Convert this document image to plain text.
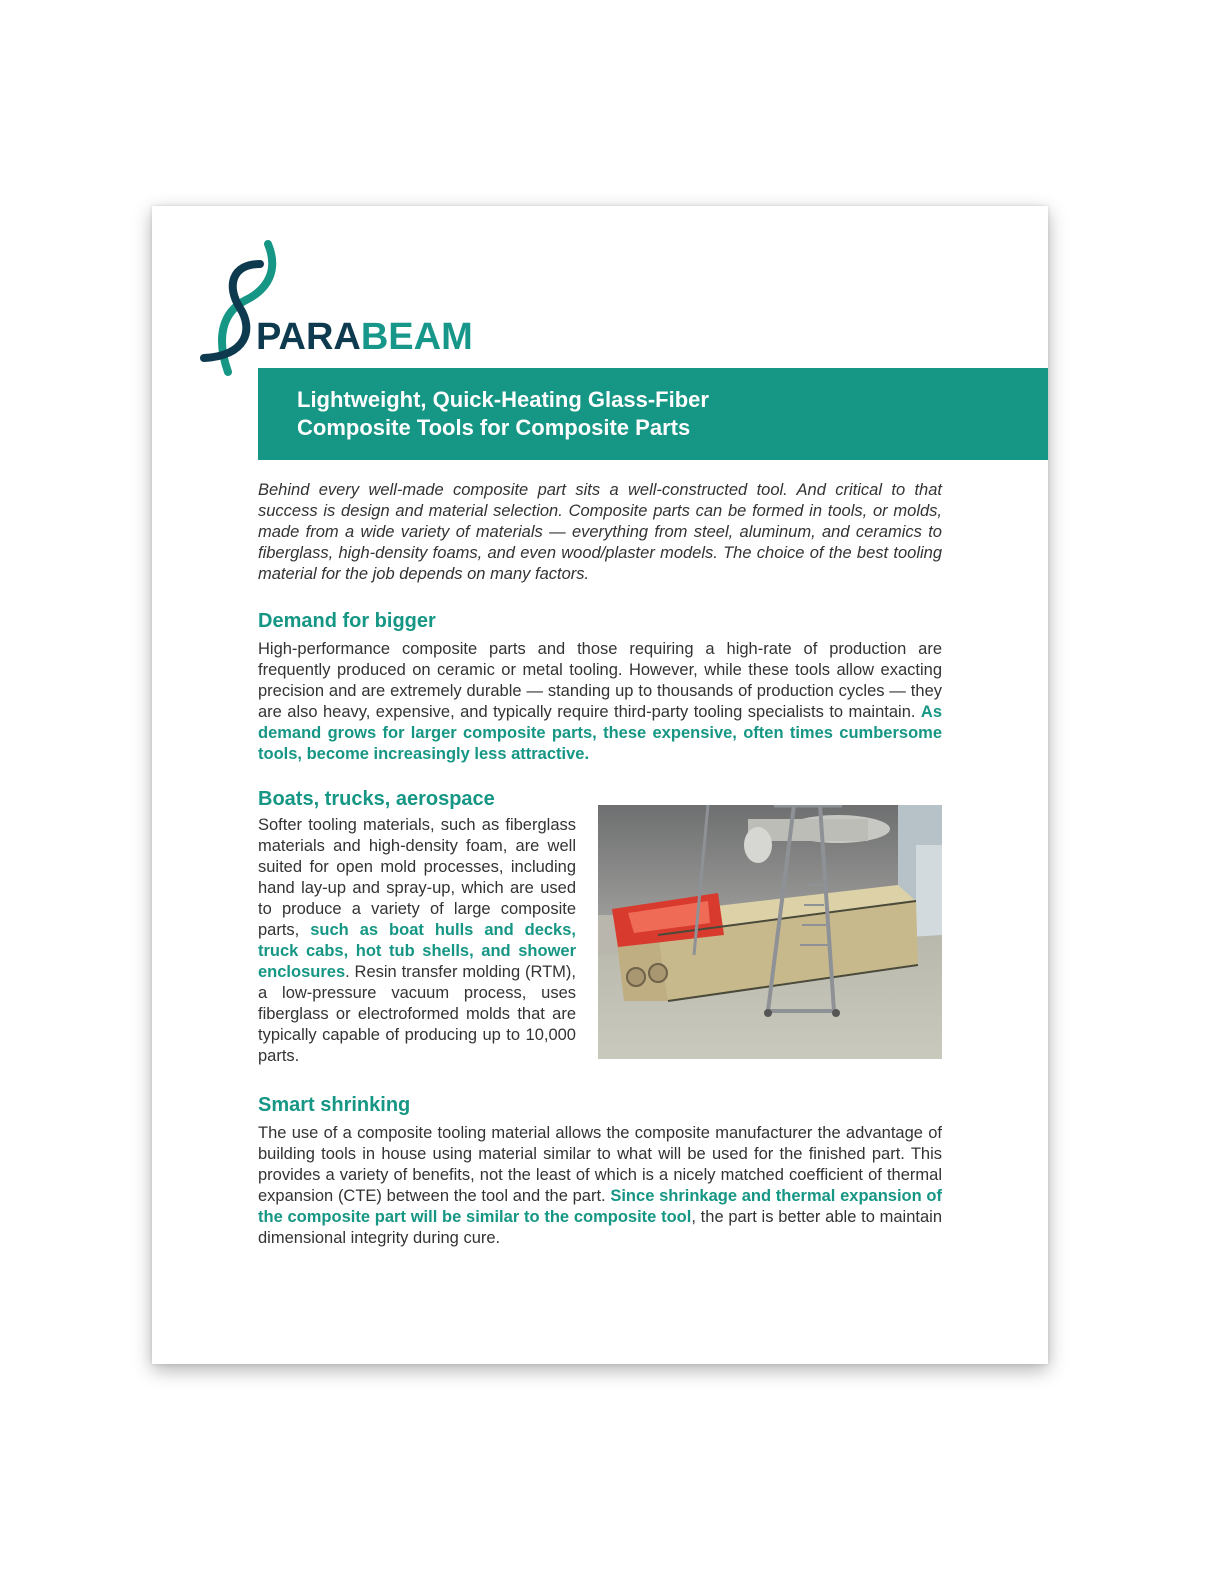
PARABEAM
Lightweight, Quick-Heating Glass-Fiber
Composite Tools for Composite Parts

Behind every well-made composite part sits a well-constructed tool. And critical to that success is design and material selection. Composite parts can be formed in tools, or molds, made from a wide variety of materials — everything from steel, aluminum, and ceramics to fiberglass, high-density foams, and even wood/plaster models. The choice of the best tooling material for the job depends on many factors.

Demand for bigger

High-performance composite parts and those requiring a high-rate of production are frequently produced on ceramic or metal tooling. However, while these tools allow exacting precision and are extremely durable — standing up to thousands of production cycles — they are also heavy, expensive, and typically require third-party tooling specialists to maintain. As demand grows for larger composite parts, these expensive, often times cumbersome tools, become increasingly less attractive.

Boats, trucks, aerospace

Softer tooling materials, such as fiberglass materials and high-density foam, are well suited for open mold processes, including hand lay-up and spray-up, which are used to produce a variety of large composite parts, such as boat hulls and decks, truck cabs, hot tub shells, and shower enclosures. Resin transfer molding (RTM), a low-pressure vacuum process, uses fiberglass or electroformed molds that are typically capable of producing up to 10,000 parts.

Smart shrinking

The use of a composite tooling material allows the composite manufacturer the advantage of building tools in house using material similar to what will be used for the finished part. This provides a variety of benefits, not the least of which is a nicely matched coefficient of thermal expansion (CTE) between the tool and the part. Since shrinkage and thermal expansion of the composite part will be similar to the composite tool, the part is better able to maintain dimensional integrity during cure.
